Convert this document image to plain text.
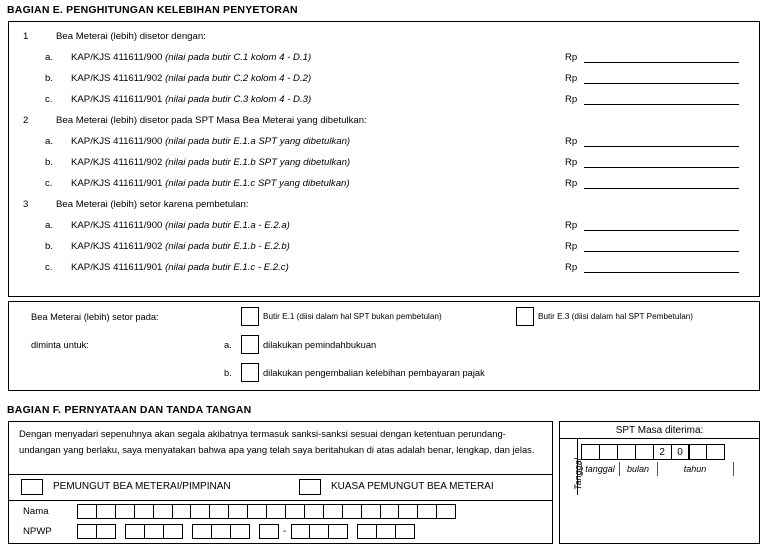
BAGIAN E. PENGHITUNGAN KELEBIHAN PENYETORAN
1	Bea Meterai (lebih) disetor dengan:
a. KAP/KJS 411611/900 (nilai pada butir C.1 kolom 4 - D.1)	Rp
b. KAP/KJS 411611/902 (nilai pada butir C.2 kolom 4 - D.2)	Rp
c. KAP/KJS 411611/901 (nilai pada butir C.3 kolom 4 - D.3)	Rp
2	Bea Meterai (lebih) disetor pada SPT Masa Bea Meterai yang dibetulkan:
a. KAP/KJS 411611/900 (nilai pada butir E.1.a SPT yang dibetulkan)	Rp
b. KAP/KJS 411611/902 (nilai pada butir E.1.b SPT yang dibetulkan)	Rp
c. KAP/KJS 411611/901 (nilai pada butir E.1.c SPT yang dibetulkan)	Rp
3	Bea Meterai (lebih) setor karena pembetulan:
a. KAP/KJS 411611/900 (nilai pada butir E.1.a - E.2.a)	Rp
b. KAP/KJS 411611/902 (nilai pada butir E.1.b - E.2.b)	Rp
c. KAP/KJS 411611/901 (nilai pada butir E.1.c - E.2.c)	Rp
Bea Meterai (lebih) setor pada:	Butir E.1 (diisi dalam hal SPT bukan pembetulan)	Butir E.3 (diisi dalam hal SPT Pembetulan)
diminta untuk:	a.	dilakukan pemindahbukuan
b.	dilakukan pengembalian kelebihan pembayaran pajak
BAGIAN F. PERNYATAAN DAN TANDA TANGAN
Dengan menyadari sepenuhnya akan segala akibatnya termasuk sanksi-sanksi sesuai dengan ketentuan perundang-undangan yang berlaku, saya menyatakan bahwa apa yang telah saya beritahukan di atas adalah benar, lengkap, dan jelas.
PEMUNGUT BEA METERAI/PIMPINAN	KUASA PEMUNGUT BEA METERAI
Nama
NPWP	-
SPT Masa diterima:
Tanggal
2	0
tanggal	bulan	tahun
